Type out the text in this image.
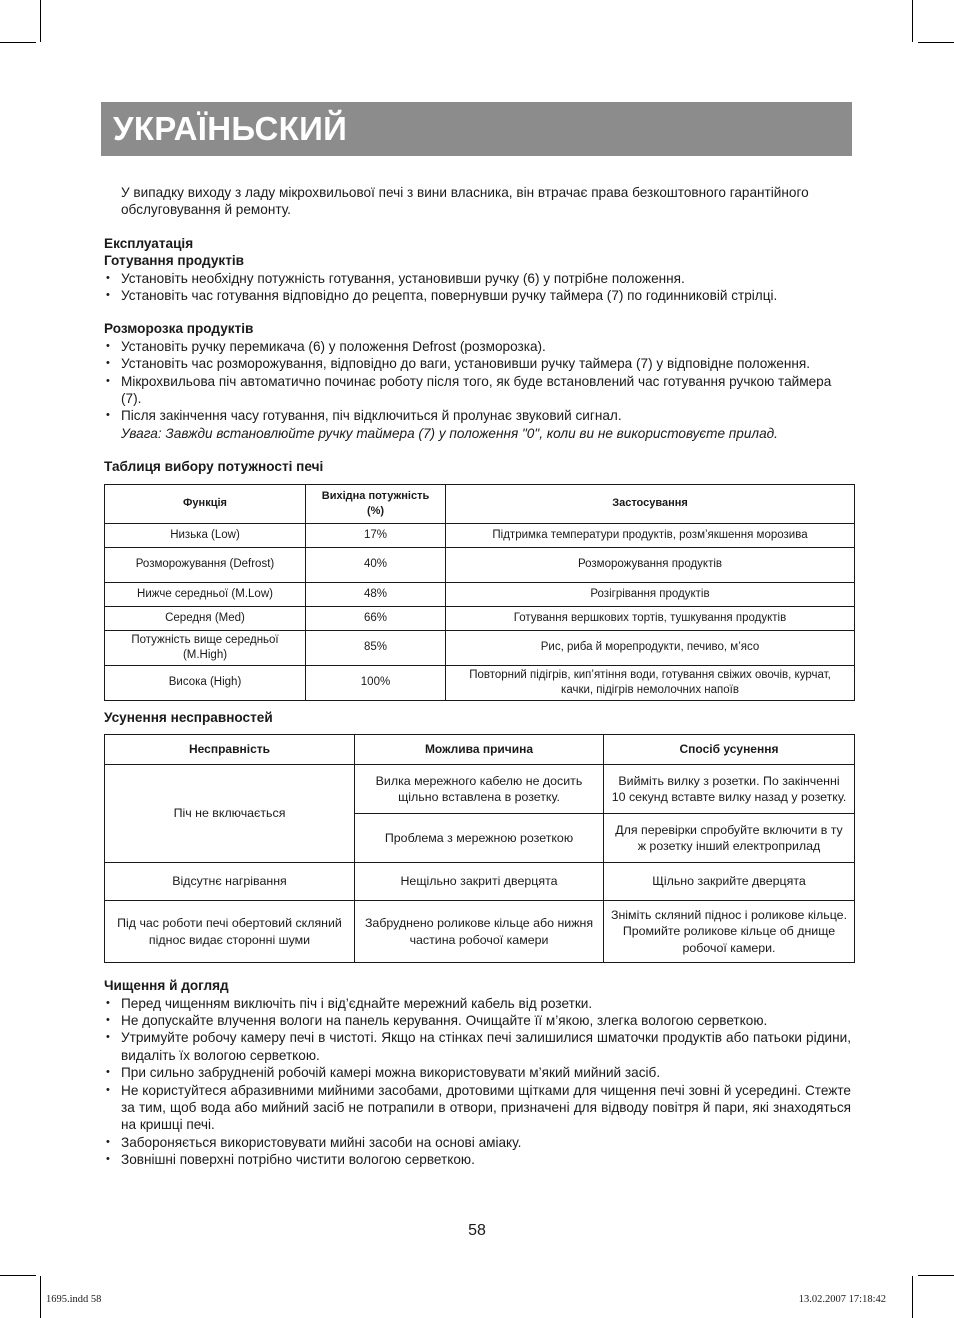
УКРАЇНЬСКИЙ

У випадку виходу з ладу мікрохвильової печі з вини власника, він втрачає права безкоштовного гарантійного обслуговування й ремонту.

Експлуатація

Готування продуктів

• Установіть необхідну потужність готування, установивши ручку (6) у потрібне положення.
• Установіть час готування відповідно до рецепта, повернувши ручку таймера (7) по годинниковій стрілці.

Розморозка продуктів

• Установіть ручку перемикача (6) у положення Defrost (розморозка).
• Установіть час розморожування, відповідно до ваги, установивши ручку таймера (7) у відповідне положення.
• Мікрохвильова піч автоматично починає роботу після того, як буде встановлений час готування ручкою таймера (7).
• Після закінчення часу готування, піч відключиться й пролунає звуковий сигнал.
Увага: Завжди встановлюйте ручку таймера (7) у положення "0", коли ви не використовуєте прилад.

Таблиця вибору потужності печі

Функція	Вихідна потужність (%)	Застосування
Низька (Low)	17%	Підтримка температури продуктів, розм’якшення морозива
Розморожування (Defrost)	40%	Розморожування продуктів
Нижче середньої (M.Low)	48%	Розігрівання продуктів
Середня (Med)	66%	Готування вершкових тортів, тушкування продуктів
Потужність вище середньої (M.High)	85%	Рис, риба й морепродукти, печиво, м’ясо
Висока (High)	100%	Повторний підігрів, кип’ятіння води, готування свіжих овочів, курчат, качки, підігрів немолочних напоїв

Усунення несправностей

Несправність	Можлива причина	Спосіб усунення
Піч не включається	Вилка мережного кабелю не досить щільно вставлена в розетку.	Вийміть вилку з розетки. По закінченні 10 секунд вставте вилку назад у розетку.
	Проблема з мережною розеткою	Для перевірки спробуйте включити в ту ж розетку інший електроприлад
Відсутнє нагрівання	Нещільно закриті дверцята	Щільно закрийте дверцята
Під час роботи печі обертовий скляний піднос видає сторонні шуми	Забруднено роликове кільце або нижня частина робочої камери	Зніміть скляний піднос і роликове кільце. Промийте роликове кільце об днище робочої камери.

Чищення й догляд

• Перед чищенням виключіть піч і від’єднайте мережний кабель від розетки.
• Не допускайте влучення вологи на панель керування. Очищайте її м’якою, злегка вологою серветкою.
• Утримуйте робочу камеру печі в чистоті. Якщо на стінках печі залишилися шматочки продуктів або патьоки рідини, видаліть їх вологою серветкою.
• При сильно забрудненій робочій камері можна використовувати м’який мийний засіб.
• Не користуйтеся абразивними мийними засобами, дротовими щітками для чищення печі зовні й усередині. Стежте за тим, щоб вода або мийний засіб не потрапили в отвори, призначені для відводу повітря й пари, які знаходяться на кришці печі.
• Забороняється використовувати мийні засоби на основі аміаку.
• Зовнішні поверхні потрібно чистити вологою серветкою.
58
1695.indd 58	13.02.2007 17:18:42
